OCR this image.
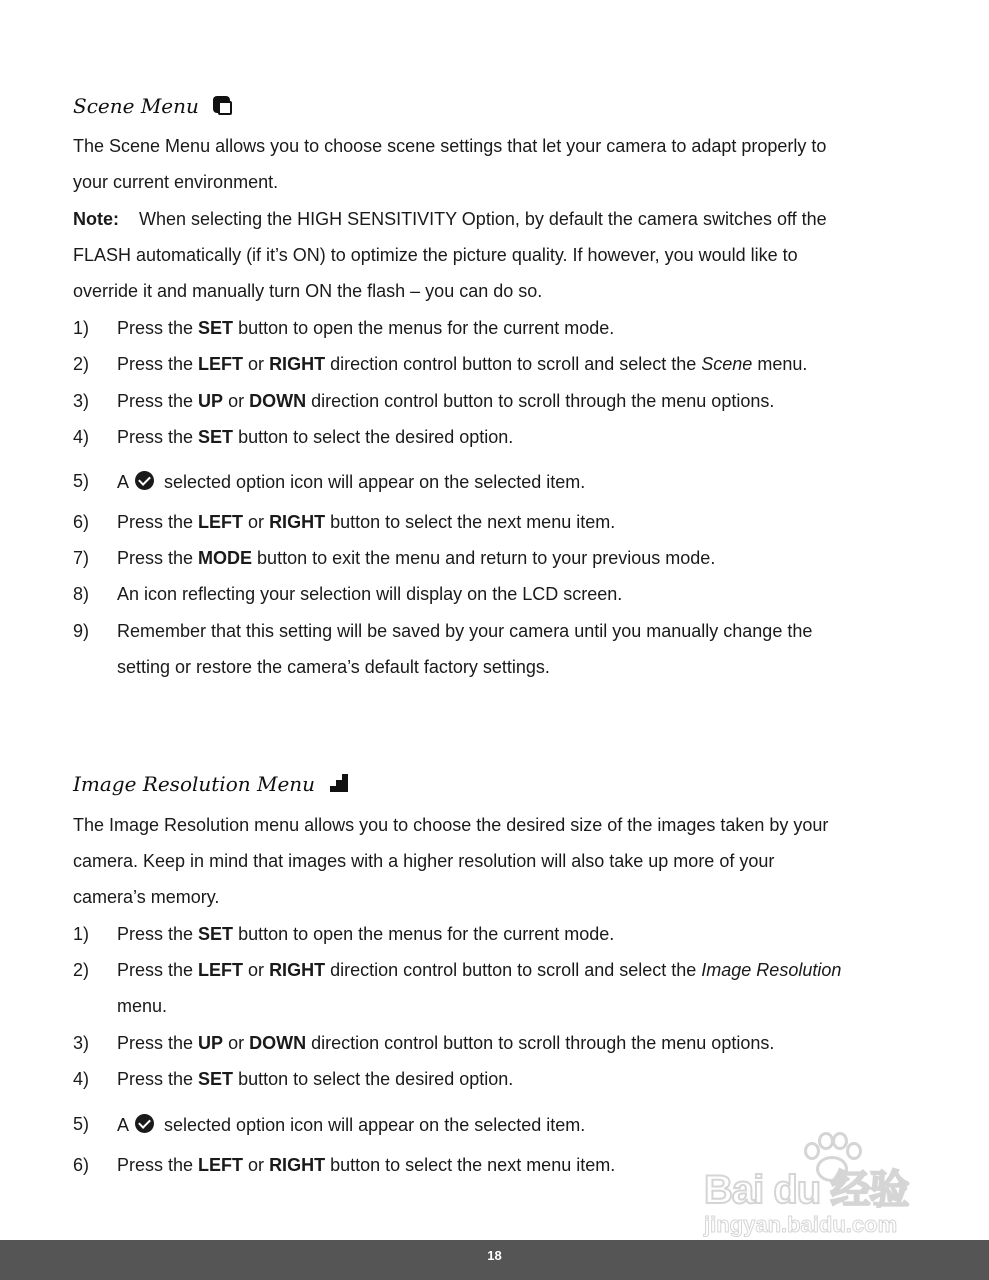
Scene Menu
The Scene Menu allows you to choose scene settings that let your camera to adapt properly to
your current environment.
Note: When selecting the HIGH SENSITIVITY Option, by default the camera switches off the
FLASH automatically (if it’s ON) to optimize the picture quality. If however, you would like to
override it and manually turn ON the flash – you can do so.
1) Press the SET button to open the menus for the current mode.
2) Press the LEFT or RIGHT direction control button to scroll and select the Scene menu.
3) Press the UP or DOWN direction control button to scroll through the menu options.
4) Press the SET button to select the desired option.
5) A selected option icon will appear on the selected item.
6) Press the LEFT or RIGHT button to select the next menu item.
7) Press the MODE button to exit the menu and return to your previous mode.
8) An icon reflecting your selection will display on the LCD screen.
9) Remember that this setting will be saved by your camera until you manually change the
setting or restore the camera’s default factory settings.
Image Resolution Menu
The Image Resolution menu allows you to choose the desired size of the images taken by your
camera. Keep in mind that images with a higher resolution will also take up more of your
camera’s memory.
1) Press the SET button to open the menus for the current mode.
2) Press the LEFT or RIGHT direction control button to scroll and select the Image Resolution
menu.
3) Press the UP or DOWN direction control button to scroll through the menu options.
4) Press the SET button to select the desired option.
5) A selected option icon will appear on the selected item.
6) Press the LEFT or RIGHT button to select the next menu item.
Bai du 经验
jingyan.baidu.com
18
